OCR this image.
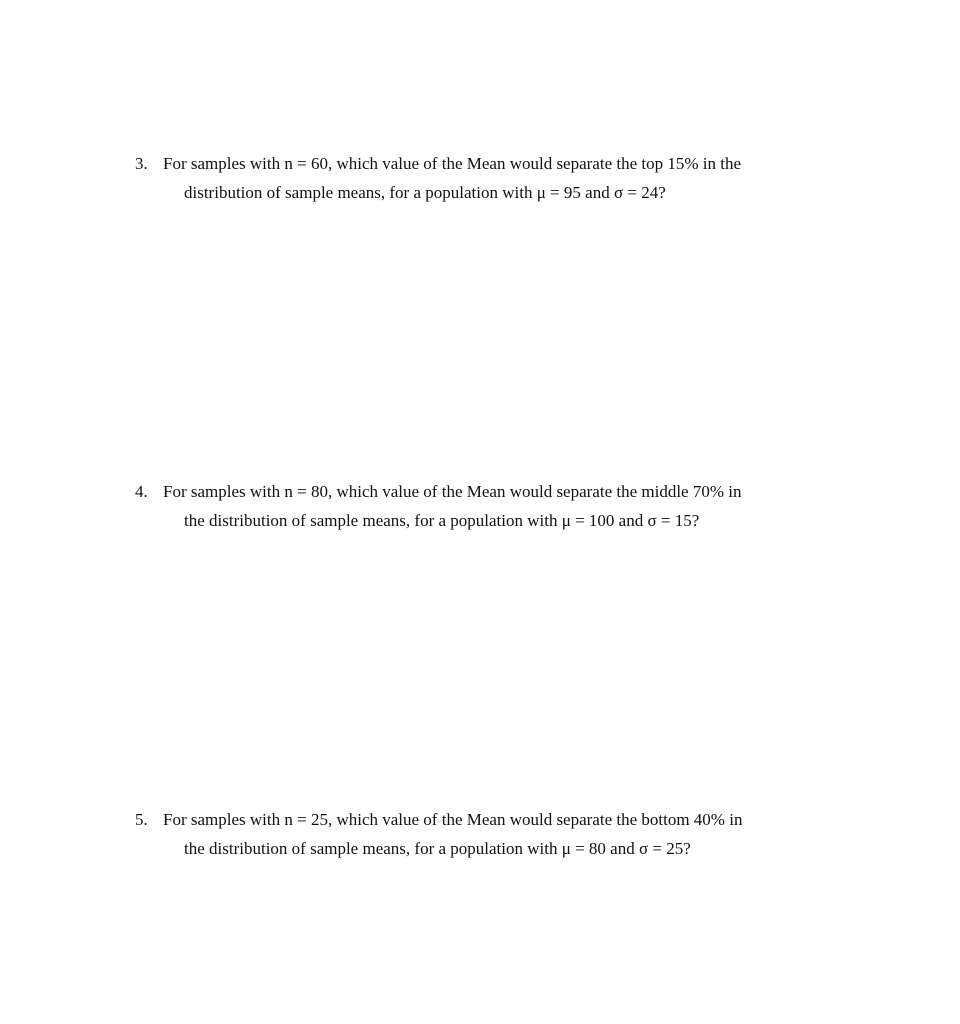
3. For samples with n = 60, which value of the Mean would separate the top 15% in the
distribution of sample means, for a population with μ = 95 and σ = 24?
4. For samples with n = 80, which value of the Mean would separate the middle 70% in
the distribution of sample means, for a population with μ = 100 and σ = 15?
5. For samples with n = 25, which value of the Mean would separate the bottom 40% in
the distribution of sample means, for a population with μ = 80 and σ = 25?
